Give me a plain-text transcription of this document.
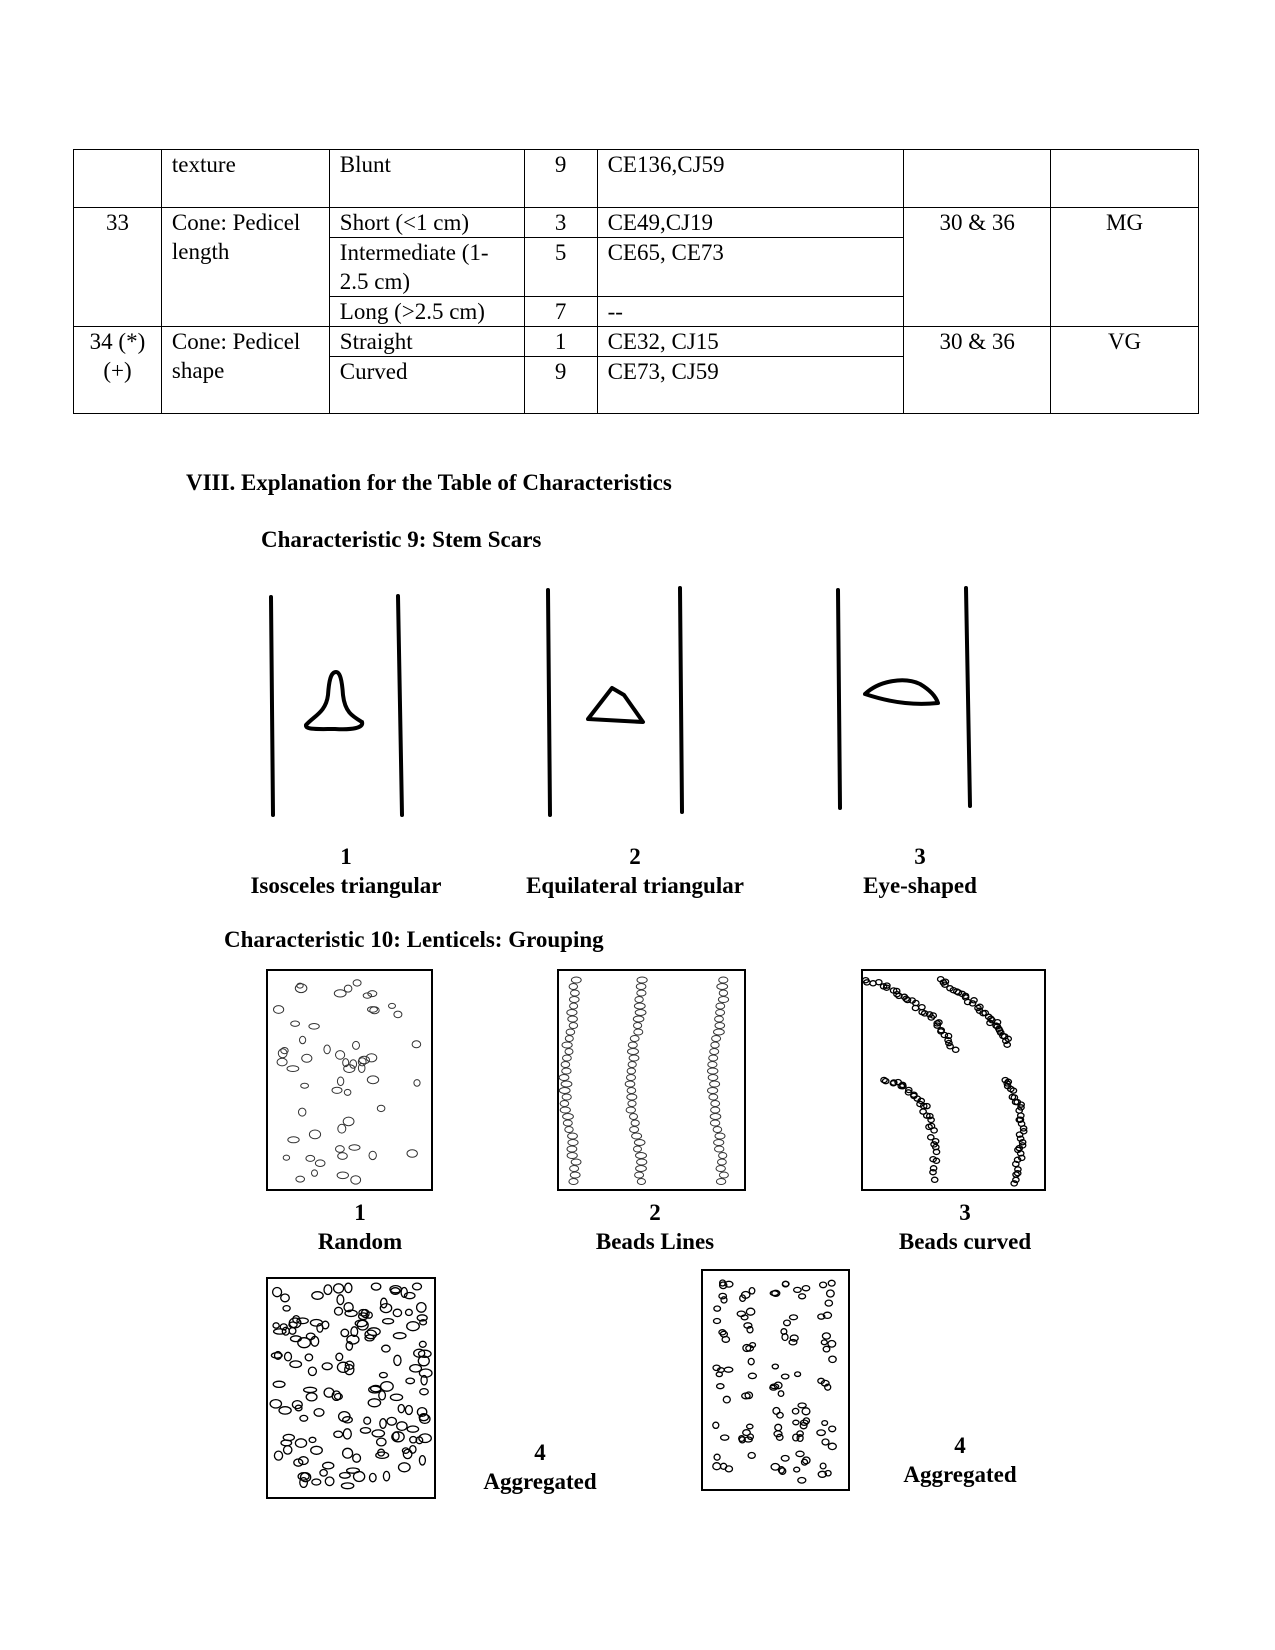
	texture	Blunt	9	CE136,CJ59		
33	Cone: Pedicel length	Short (<1 cm)	3	CE49,CJ19	30 & 36	MG
		Intermediate (1-2.5 cm)	5	CE65, CE73		
		Long (>2.5 cm)	7	--		
34 (*) (+)	Cone: Pedicel shape	Straight	1	CE32, CJ15	30 & 36	VG
		Curved	9	CE73, CJ59		
VIII. Explanation for the Table of Characteristics
Characteristic 9: Stem Scars
1
Isosceles triangular
2
Equilateral triangular
3
Eye-shaped
Characteristic 10: Lenticels: Grouping
1
Random
2
Beads Lines
3
Beads curved
4
Aggregated
4
Aggregated
